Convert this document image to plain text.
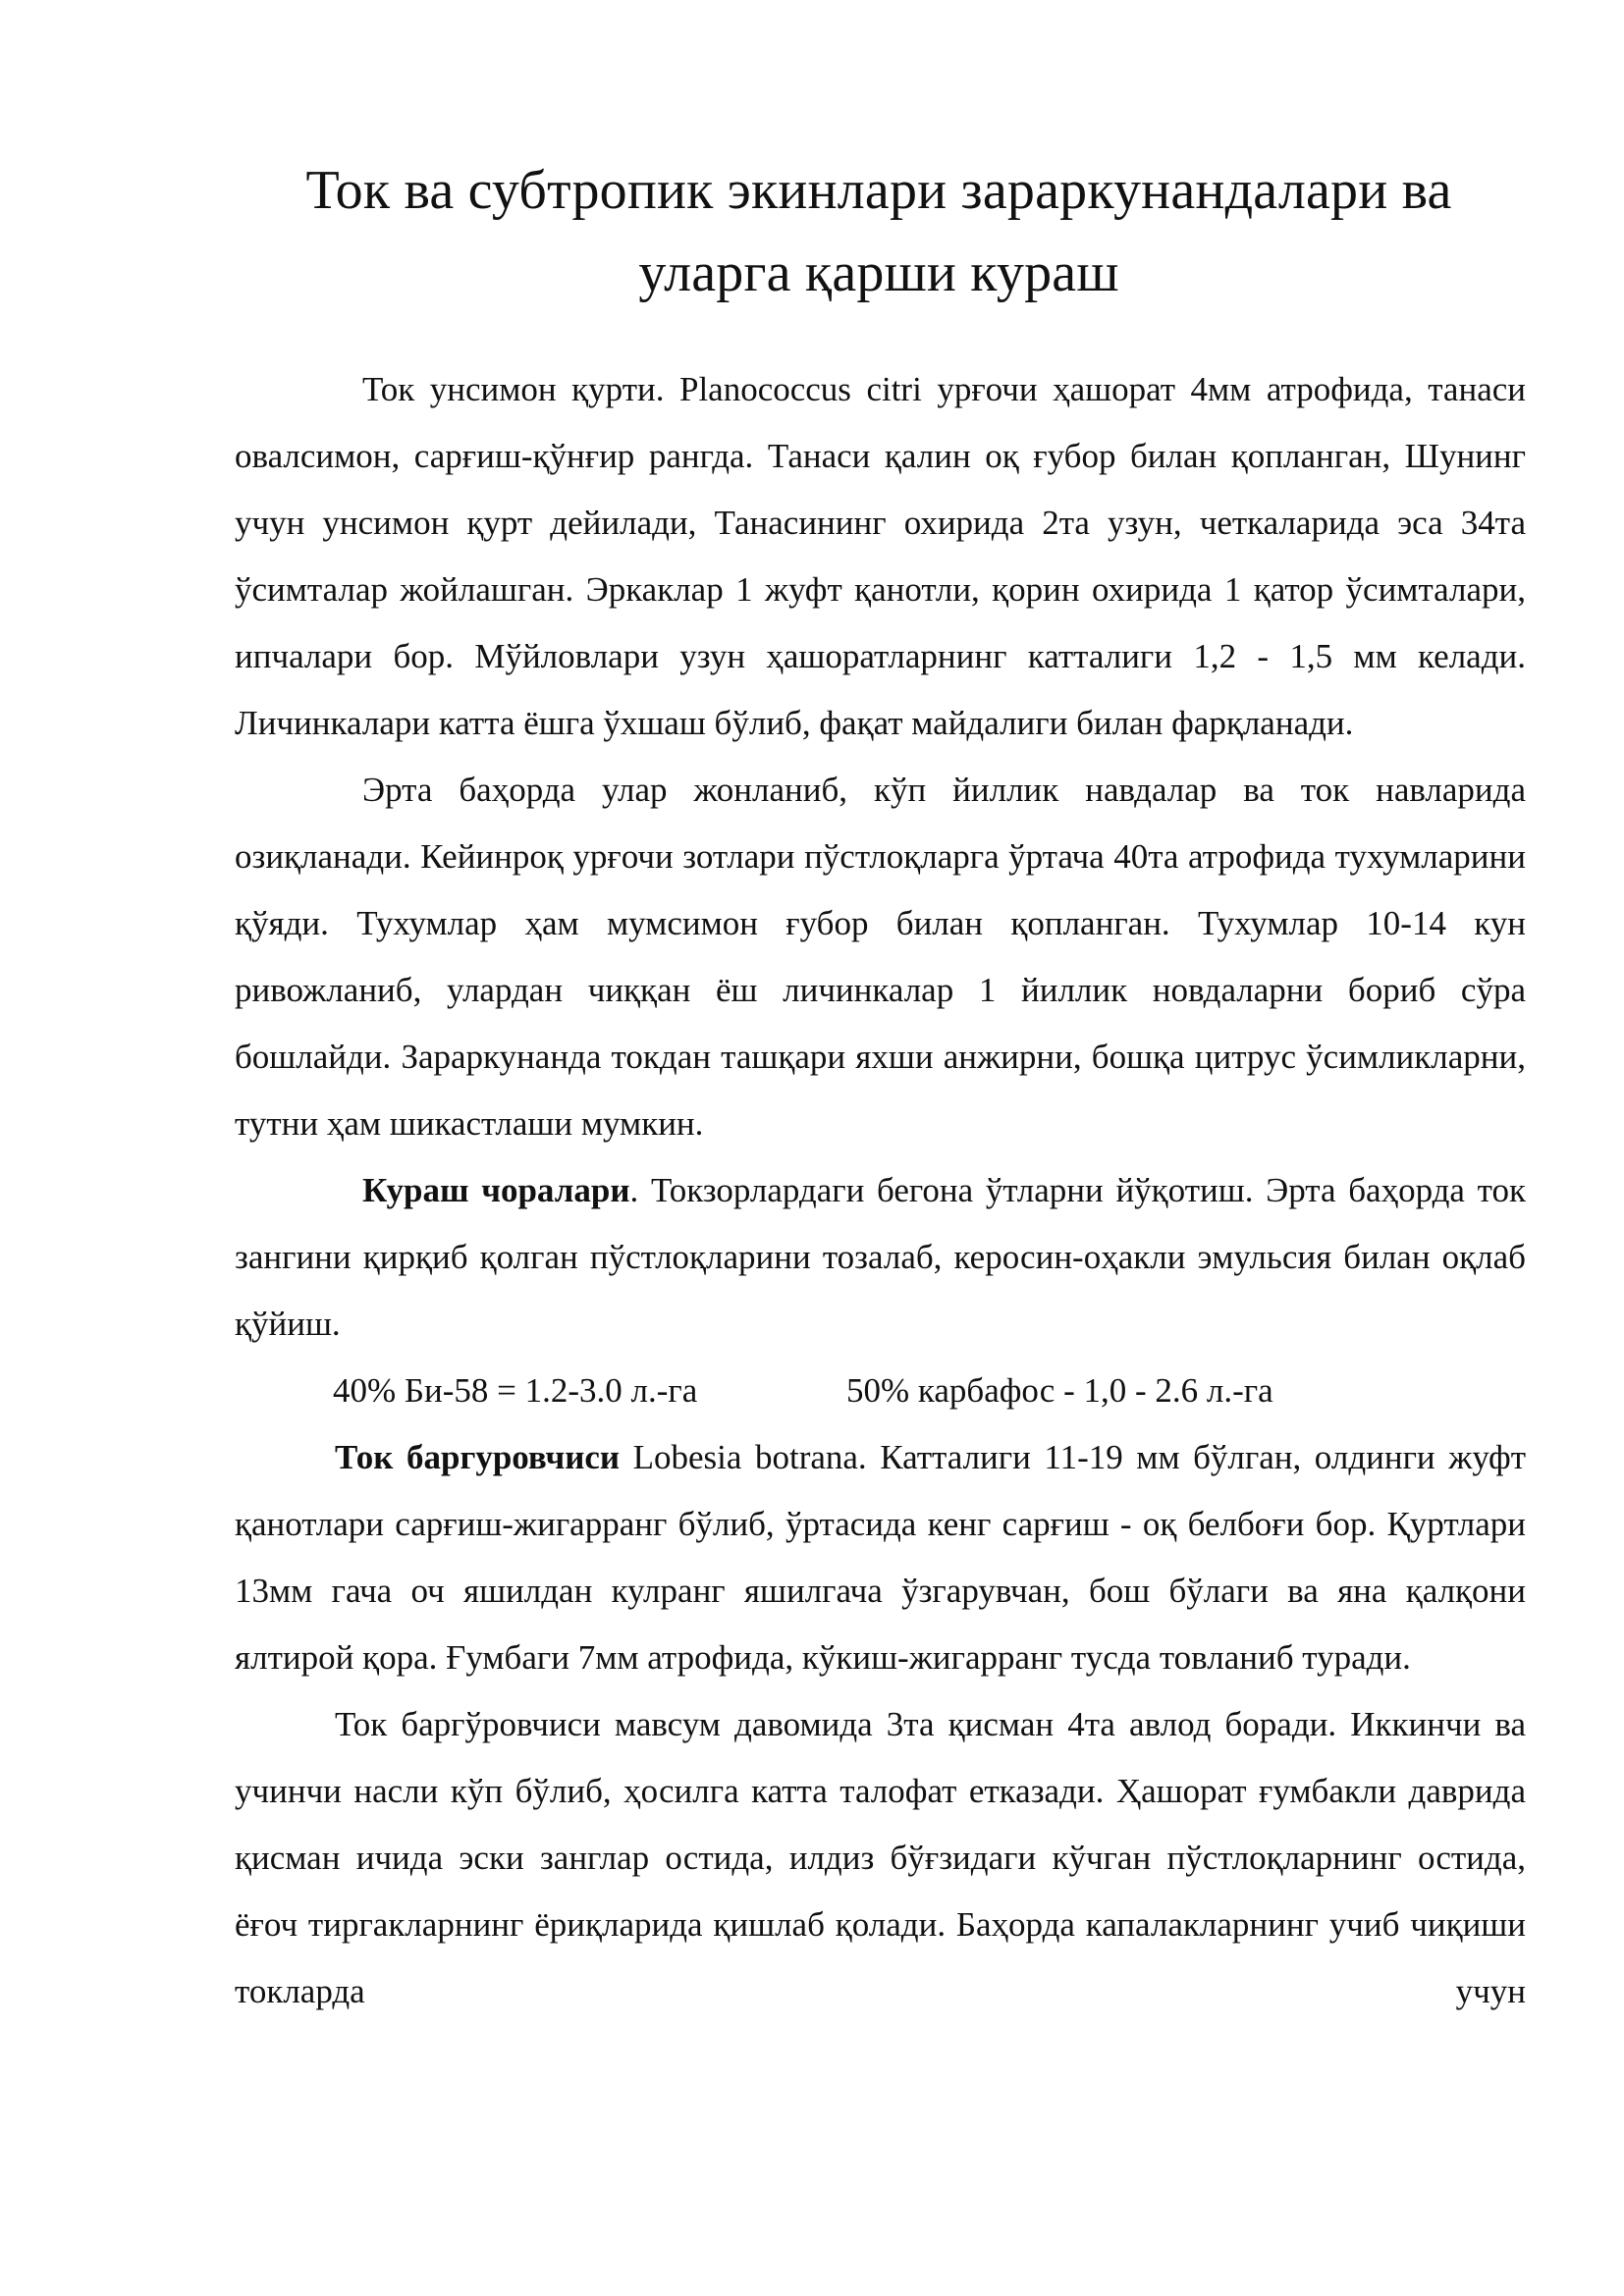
Ток ва субтропик экинлари зараркунандалари ва
уларга қарши кураш

Ток унсимон қурти. Planococcus citri урғочи ҳашорат 4мм атрофида, танаси овалсимон, сарғиш-қўнғир рангда. Танаси қалин оқ ғубор билан қопланган, Шунинг учун унсимон қурт дейилади, Танасининг охирида 2та узун, четкаларида эса 34та ўсимталар жойлашган. Эркаклар 1 жуфт қанотли, қорин охирида 1 қатор ўсимталари, ипчалари бор. Мўйловлари узун ҳашоратларнинг катталиги 1,2 - 1,5 мм келади. Личинкалари катта ёшга ўхшаш бўлиб, фақат майдалиги билан фарқланади.

Эрта баҳорда улар жонланиб, кўп йиллик навдалар ва ток навларида озиқланади. Кейинроқ урғочи зотлари пўстлоқларга ўртача 40та атрофида тухумларини қўяди. Тухумлар ҳам мумсимон ғубор билан қопланган. Тухумлар 10-14 кун ривожланиб, улардан чиққан ёш личинкалар 1 йиллик новдаларни бориб сўра бошлайди. Зараркунанда токдан ташқари яхши анжирни, бошқа цитрус ўсимликларни, тутни ҳам шикастлаши мумкин.

Кураш чоралари. Токзорлардаги бегона ўтларни йўқотиш. Эрта баҳорда ток зангини қирқиб қолган пўстлоқларини тозалаб, керосин-оҳакли эмульсия билан оқлаб қўйиш.

40% Би-58 = 1.2-3.0 л.-га	50% карбафос - 1,0 - 2.6 л.-га

Ток баргуровчиси Lobesia botrana. Катталиги 11-19 мм бўлган, олдинги жуфт қанотлари сарғиш-жигарранг бўлиб, ўртасида кенг сарғиш - оқ белбоғи бор. Қуртлари 13мм гача оч яшилдан кулранг яшилгача ўзгарувчан, бош бўлаги ва яна қалқони ялтирой қора. Ғумбаги 7мм атрофида, кўкиш-жигарранг тусда товланиб туради.

Ток баргўровчиси мавсум давомида 3та қисман 4та авлод боради. Иккинчи ва учинчи насли кўп бўлиб, ҳосилга катта талофат етказади. Ҳашорат ғумбакли даврида қисман ичида эски занглар остида, илдиз бўғзидаги кўчган пўстлоқларнинг остида, ёғоч тиргакларнинг ёриқларида қишлаб қолади. Баҳорда капалакларнинг учиб чиқиши токларда учун
